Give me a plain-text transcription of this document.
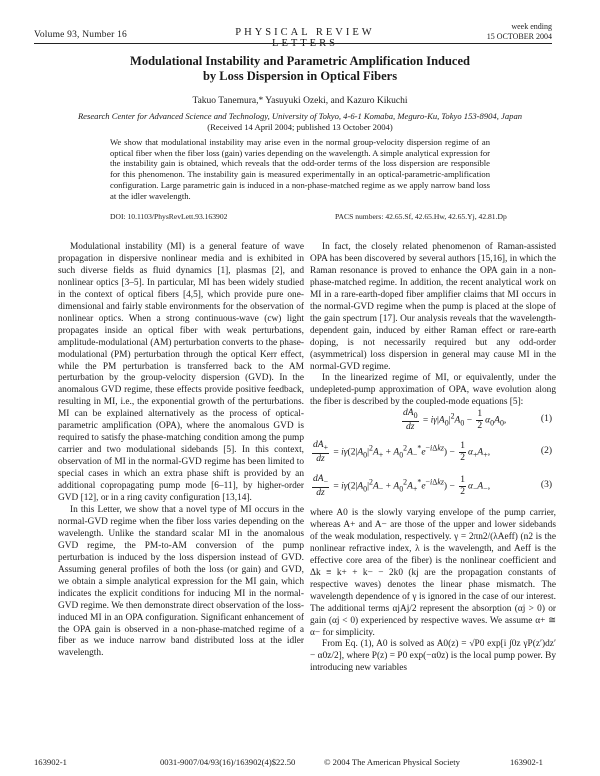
Volume 93, Number 16	PHYSICAL REVIEW LETTERS
week ending
15 OCTOBER 2004
Modulational Instability and Parametric Amplification Induced
by Loss Dispersion in Optical Fibers
Takuo Tanemura,* Yasuyuki Ozeki, and Kazuro Kikuchi
Research Center for Advanced Science and Technology, University of Tokyo, 4-6-1 Komaba, Meguro-Ku, Tokyo 153-8904, Japan
(Received 14 April 2004; published 13 October 2004)
We show that modulational instability may arise even in the normal group-velocity dispersion regime of an optical fiber when the fiber loss (gain) varies depending on the wavelength. A simple analytical expression for the instability gain is obtained, which reveals that the odd-order terms of the loss dispersion are responsible for this phenomenon. The instability gain is measured experimentally in an optical-parametric-amplification configuration. Large parametric gain is induced in a non-phase-matched regime as we apply narrow band loss at the idler wavelength.
DOI: 10.1103/PhysRevLett.93.163902	PACS numbers: 42.65.Sf, 42.65.Hw, 42.65.Yj, 42.81.Dp

Modulational instability (MI) is a general feature of wave propagation in dispersive nonlinear media and is exhibited in such diverse fields as fluid dynamics [1], plasmas [2], and nonlinear optics [3–5]. In particular, MI has been widely studied in the context of optical fibers [4,5], which provide pure one-dimensional and fairly stable environments for the observation of nonlinear optics. When a strong continuous-wave (cw) light propagates inside an optical fiber with weak perturbations, amplitude-modulational (AM) perturbation converts to the phase-modulational (PM) perturbation through the optical Kerr effect, while the PM perturbation is transferred back to the AM perturbation by the group-velocity dispersion (GVD). In the anomalous GVD regime, these effects provide positive feedback, resulting in MI, i.e., the exponential growth of the perturbations. MI can be explained alternatively as the process of optical-parametric amplification (OPA), where the anomalous GVD is required to satisfy the phase-matching condition among the pump carrier and two modulational sidebands [5]. In this context, observation of MI in the normal-GVD regime has been limited to special cases in which an extra phase shift is provided by an additional copropagating pump mode [6–11], by higher-order GVD [12], or in a ring cavity configuration [13,14].

In this Letter, we show that a novel type of MI occurs in the normal-GVD regime when the fiber loss varies depending on the wavelength. Unlike the standard scalar MI in the anomalous GVD regime, the PM-to-AM conversion of the pump perturbation is induced by the loss dispersion instead of GVD. Assuming general profiles of both the loss (or gain) and GVD, we obtain a simple analytical expression for the MI gain, which indicates the explicit conditions for inducing MI in the normal-GVD regime. We then demonstrate direct observation of the loss-induced MI in an OPA configuration. Significant enhancement of the OPA gain is observed in a non-phase-matched regime of a fiber as we induce narrow band distributed loss at the idler wavelength.

In fact, the closely related phenomenon of Raman-assisted OPA has been discovered by several authors [15,16], in which the Raman resonance is proved to enhance the OPA gain in a non-phase-matched regime. In addition, the recent analytical work on MI in a rare-earth-doped fiber amplifier claims that MI occurs in the normal-GVD regime when the pump is placed at the slope of the gain spectrum [17]. Our analysis reveals that the wavelength-dependent gain, induced by either Raman effect or rare-earth doping, is not necessarily required but any odd-order (asymmetrical) loss dispersion in general may cause MI in the normal-GVD regime.

In the linearized regime of MI, or equivalently, under the undepleted-pump approximation of OPA, wave evolution along the fiber is described by the coupled-mode equations [5]:

$\frac{dA_0}{dz} = i\gamma|A_0|^2A_0 - \frac{1}{2} \alpha_0A_0$,	(1)
$\frac{dA_+}{dz} = i\gamma(2|A_0|^2A_+ + A_0^2A_-^*e^{-i\Delta kz}) - \frac{1}{2} \alpha_+A_+$,	(2)
$\frac{dA_-}{dz} = i\gamma(2|A_0|^2A_- + A_0^2A_+^*e^{-i\Delta kz}) - \frac{1}{2} \alpha_-A_-$,	(3)

where A0 is the slowly varying envelope of the pump carrier, whereas A+ and A− are those of the upper and lower sidebands of the weak modulation, respectively. γ = 2πn2/(λAeff) (n2 is the nonlinear refractive index, λ is the wavelength, and Aeff is the effective core area of the fiber) is the nonlinear coefficient and Δk ≡ k+ + k− − 2k0 (kj are the propagation constants of respective waves) denotes the linear phase mismatch. The wavelength dependence of γ is ignored in the case of our interest. The additional terms αjAj/2 represent the absorption (αj > 0) or gain (αj < 0) experienced by respective waves. We assume α+ ≅ α− for simplicity.

From Eq. (1), A0 is solved as A0(z) = √P0 exp[i ∫0z γP(z′)dz′ − α0z/2], where P(z) = P0 exp(−α0z) is the local pump power. By introducing new variables

163902-1	0031-9007/04/93(16)/163902(4)$22.50	© 2004 The American Physical Society	163902-1
